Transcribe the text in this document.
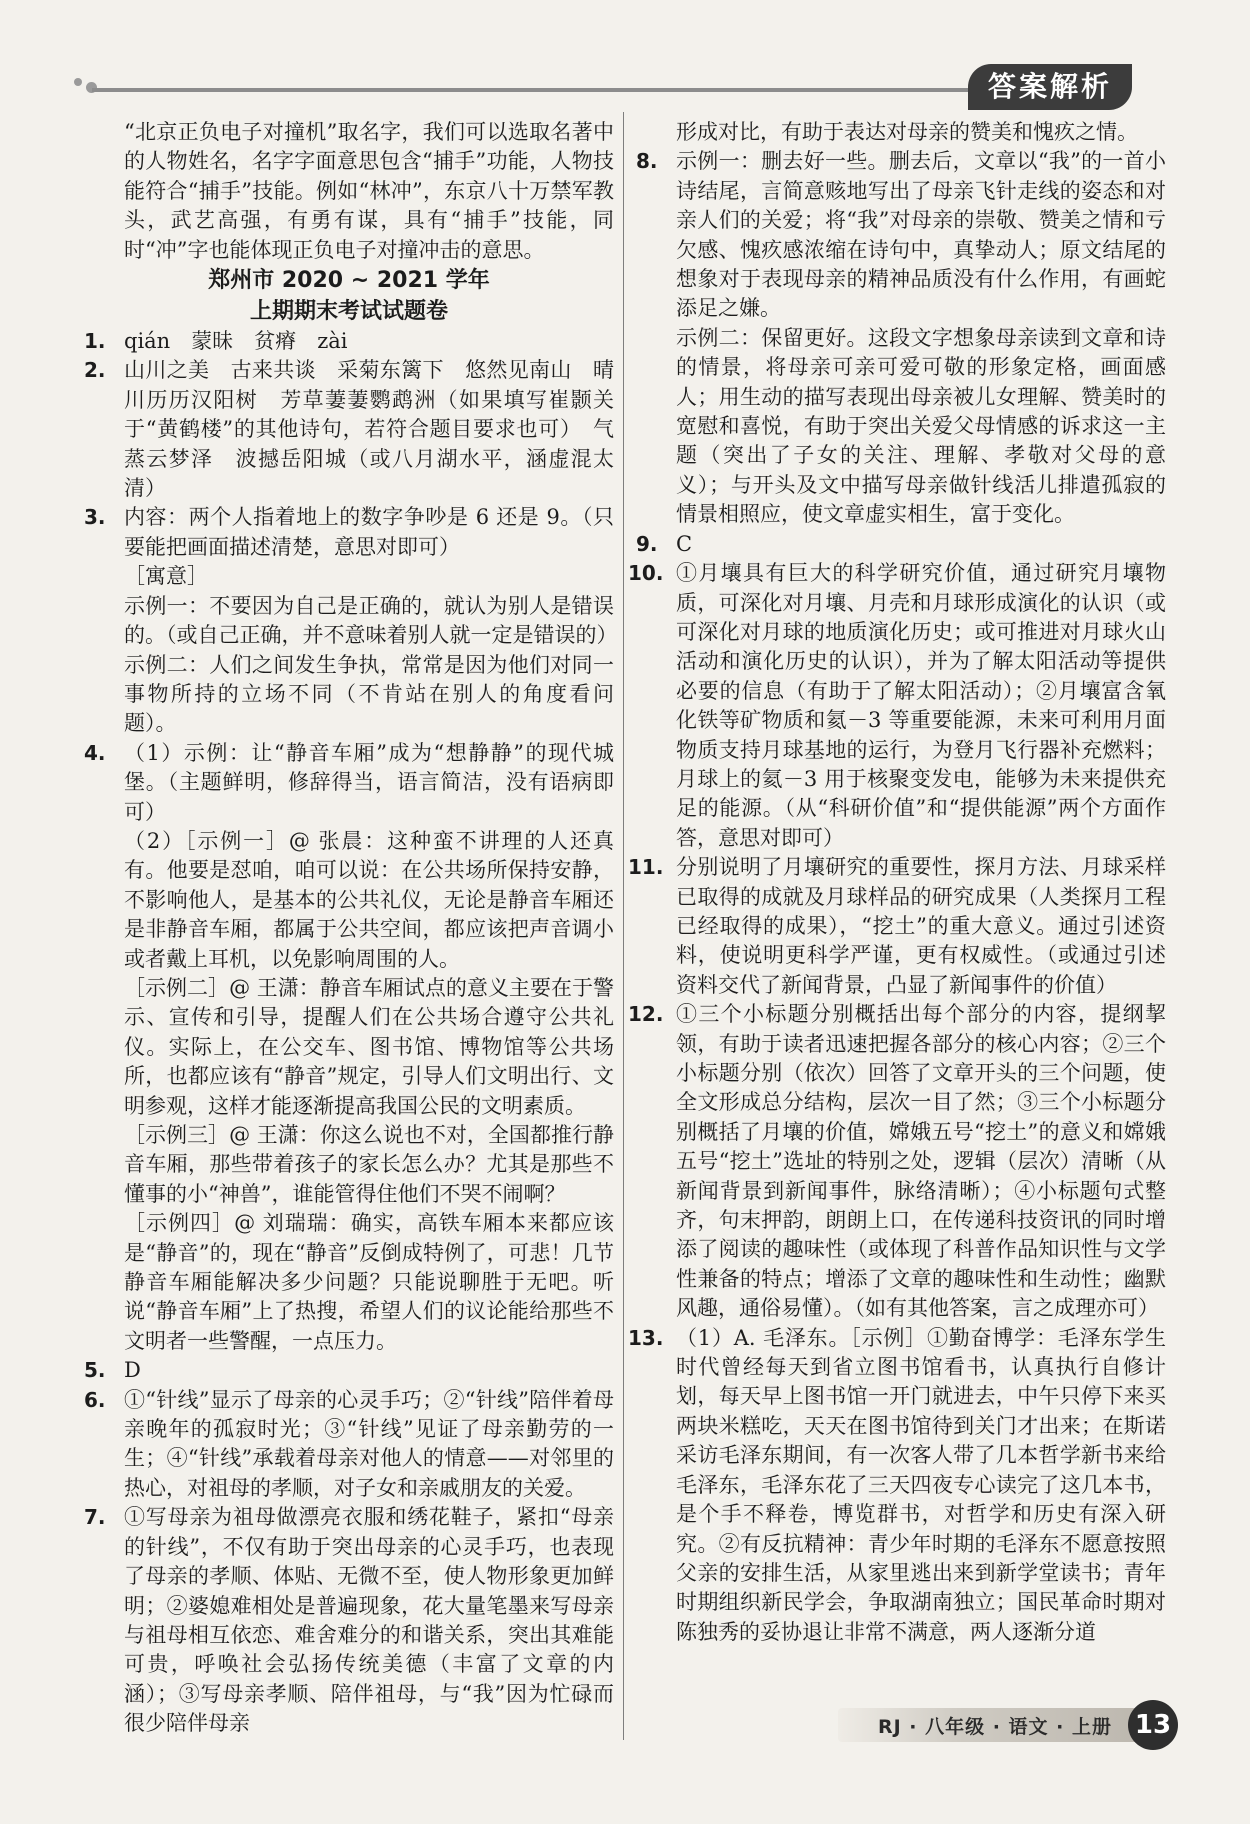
答案解析

“北京正负电子对撞机”取名字，我们可以选取名著中的人物姓名，名字字面意思包含“捕手”功能，人物技能符合“捕手”技能。例如“林冲”，东京八十万禁军教头，武艺高强，有勇有谋，具有“捕手”技能，同时“冲”字也能体现正负电子对撞冲击的意思。

郑州市 2020 ~ 2021 学年

上期期末考试试题卷

1. qián　蒙昧　贫瘠　zài
2. 山川之美　古来共谈　采菊东篱下　悠然见南山　晴川历历汉阳树　芳草萋萋鹦鹉洲（如果填写崔颢关于“黄鹤楼”的其他诗句，若符合题目要求也可）　气蒸云梦泽　波撼岳阳城（或八月湖水平，涵虚混太清）
3. 内容：两个人指着地上的数字争吵是 6 还是 9。（只要能把画面描述清楚，意思对即可）
［寓意］
示例一：不要因为自己是正确的，就认为别人是错误的。（或自己正确，并不意味着别人就一定是错误的）
示例二：人们之间发生争执，常常是因为他们对同一事物所持的立场不同（不肯站在别人的角度看问题）。
4. （1）示例：让“静音车厢”成为“想静静”的现代城堡。（主题鲜明，修辞得当，语言简洁，没有语病即可）
（2）［示例一］@ 张晨：这种蛮不讲理的人还真有。他要是怼咱，咱可以说：在公共场所保持安静，不影响他人，是基本的公共礼仪，无论是静音车厢还是非静音车厢，都属于公共空间，都应该把声音调小或者戴上耳机，以免影响周围的人。
［示例二］@ 王潇：静音车厢试点的意义主要在于警示、宣传和引导，提醒人们在公共场合遵守公共礼仪。实际上，在公交车、图书馆、博物馆等公共场所，也都应该有“静音”规定，引导人们文明出行、文明参观，这样才能逐渐提高我国公民的文明素质。
［示例三］@ 王潇：你这么说也不对，全国都推行静音车厢，那些带着孩子的家长怎么办？尤其是那些不懂事的小“神兽”，谁能管得住他们不哭不闹啊？
［示例四］@ 刘瑞瑞：确实，高铁车厢本来都应该是“静音”的，现在“静音”反倒成特例了，可悲！几节静音车厢能解决多少问题？只能说聊胜于无吧。听说“静音车厢”上了热搜，希望人们的议论能给那些不文明者一些警醒，一点压力。
5. D
6. ①“针线”显示了母亲的心灵手巧；②“针线”陪伴着母亲晚年的孤寂时光；③“针线”见证了母亲勤劳的一生；④“针线”承载着母亲对他人的情意——对邻里的热心，对祖母的孝顺，对子女和亲戚朋友的关爱。
7. ①写母亲为祖母做漂亮衣服和绣花鞋子，紧扣“母亲的针线”，不仅有助于突出母亲的心灵手巧，也表现了母亲的孝顺、体贴、无微不至，使人物形象更加鲜明；②婆媳难相处是普遍现象，花大量笔墨来写母亲与祖母相互依恋、难舍难分的和谐关系，突出其难能可贵，呼唤社会弘扬传统美德（丰富了文章的内涵）；③写母亲孝顺、陪伴祖母，与“我”因为忙碌而很少陪伴母亲

形成对比，有助于表达对母亲的赞美和愧疚之情。

8. 示例一：删去好一些。删去后，文章以“我”的一首小诗结尾，言简意赅地写出了母亲飞针走线的姿态和对亲人们的关爱；将“我”对母亲的崇敬、赞美之情和亏欠感、愧疚感浓缩在诗句中，真挚动人；原文结尾的想象对于表现母亲的精神品质没有什么作用，有画蛇添足之嫌。
示例二：保留更好。这段文字想象母亲读到文章和诗的情景，将母亲可亲可爱可敬的形象定格，画面感人；用生动的描写表现出母亲被儿女理解、赞美时的宽慰和喜悦，有助于突出关爱父母情感的诉求这一主题（突出了子女的关注、理解、孝敬对父母的意义）；与开头及文中描写母亲做针线活儿排遣孤寂的情景相照应，使文章虚实相生，富于变化。
9. C
10. ①月壤具有巨大的科学研究价值，通过研究月壤物质，可深化对月壤、月壳和月球形成演化的认识（或可深化对月球的地质演化历史；或可推进对月球火山活动和演化历史的认识），并为了解太阳活动等提供必要的信息（有助于了解太阳活动）；②月壤富含氧化铁等矿物质和氦－3 等重要能源，未来可利用月面物质支持月球基地的运行，为登月飞行器补充燃料；月球上的氦－3 用于核聚变发电，能够为未来提供充足的能源。（从“科研价值”和“提供能源”两个方面作答，意思对即可）
11. 分别说明了月壤研究的重要性，探月方法、月球采样已取得的成就及月球样品的研究成果（人类探月工程已经取得的成果），“挖土”的重大意义。通过引述资料，使说明更科学严谨，更有权威性。（或通过引述资料交代了新闻背景，凸显了新闻事件的价值）
12. ①三个小标题分别概括出每个部分的内容，提纲挈领，有助于读者迅速把握各部分的核心内容；②三个小标题分别（依次）回答了文章开头的三个问题，使全文形成总分结构，层次一目了然；③三个小标题分别概括了月壤的价值，嫦娥五号“挖土”的意义和嫦娥五号“挖土”选址的特别之处，逻辑（层次）清晰（从新闻背景到新闻事件，脉络清晰）；④小标题句式整齐，句末押韵，朗朗上口，在传递科技资讯的同时增添了阅读的趣味性（或体现了科普作品知识性与文学性兼备的特点；增添了文章的趣味性和生动性；幽默风趣，通俗易懂）。（如有其他答案，言之成理亦可）
13. （1）A. 毛泽东。［示例］①勤奋博学：毛泽东学生时代曾经每天到省立图书馆看书，认真执行自修计划，每天早上图书馆一开门就进去，中午只停下来买两块米糕吃，天天在图书馆待到关门才出来；在斯诺采访毛泽东期间，有一次客人带了几本哲学新书来给毛泽东，毛泽东花了三天四夜专心读完了这几本书，是个手不释卷，博览群书，对哲学和历史有深入研究。②有反抗精神：青少年时期的毛泽东不愿意按照父亲的安排生活，从家里逃出来到新学堂读书；青年时期组织新民学会，争取湖南独立；国民革命时期对陈独秀的妥协退让非常不满意，两人逐渐分道
RJ · 八年级 · 语文 · 上册 13
